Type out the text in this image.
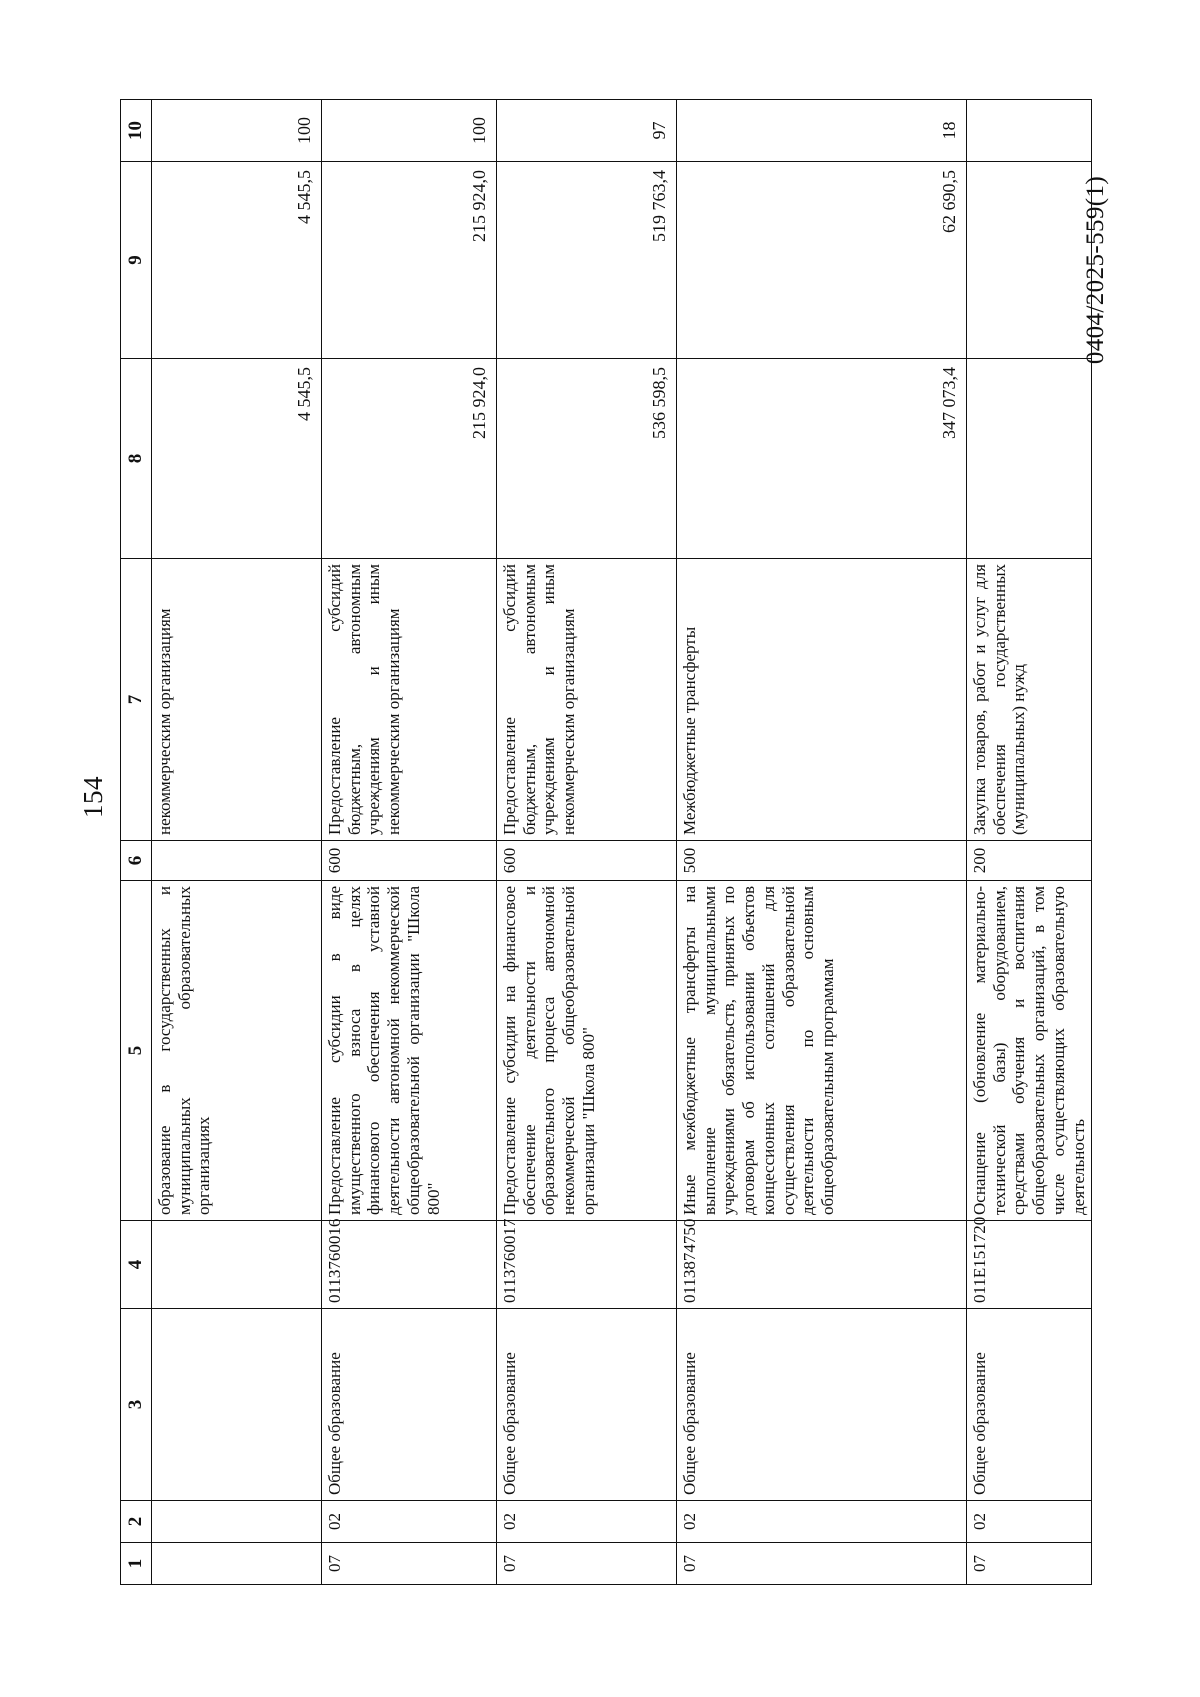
154
0404/2025-559(1)
1	2	3	4	5	6	7	8	9	10
				образование в государственных и муниципальных образовательных организациях		некоммерческим организациям	4 545,5	4 545,5	100
07	02	Общее образование	0113760016	Предоставление субсидии в виде имущественного взноса в целях финансового обеспечения уставной деятельности автономной некоммерческой общеобразовательной организации "Школа 800"	600	Предоставление субсидий бюджетным, автономным учреждениям и иным некоммерческим организациям	215 924,0	215 924,0	100
07	02	Общее образование	0113760017	Предоставление субсидии на финансовое обеспечение деятельности и образовательного процесса автономной некоммерческой общеобразовательной организации "Школа 800"	600	Предоставление субсидий бюджетным, автономным учреждениям и иным некоммерческим организациям	536 598,5	519 763,4	97
07	02	Общее образование	0113874750	Иные межбюджетные трансферты на выполнение муниципальными учреждениями обязательств, принятых по договорам об использовании объектов концессионных соглашений для осуществления образовательной деятельности по основным общеобразовательным программам	500	Межбюджетные трансферты	347 073,4	62 690,5	18
07	02	Общее образование	011E151720	Оснащение (обновление материально-технической базы) оборудованием, средствами обучения и воспитания общеобразовательных организаций, в том числе осуществляющих образовательную деятельность	200	Закупка товаров, работ и услуг для обеспечения государственных (муниципальных) нужд			
